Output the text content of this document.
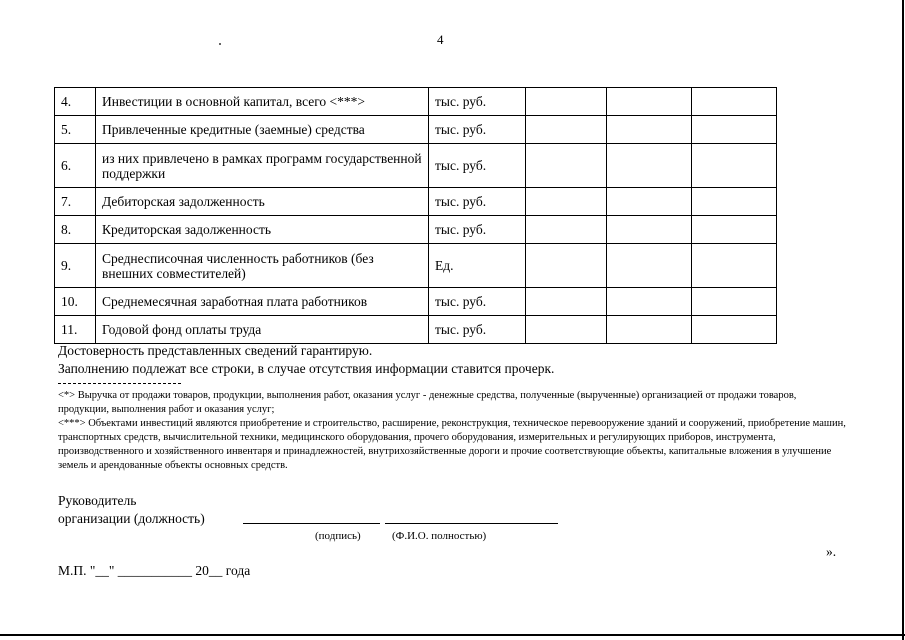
4
4.	Инвестиции в основной капитал, всего <***>	тыс. руб.			
5.	Привлеченные кредитные (заемные) средства	тыс. руб.			
6.	из них привлечено в рамках программ государственной поддержки	тыс. руб.			
7.	Дебиторская задолженность	тыс. руб.			
8.	Кредиторская задолженность	тыс. руб.			
9.	Среднесписочная численность работников (без внешних совместителей)	Ед.			
10.	Среднемесячная заработная плата работников	тыс. руб.			
11.	Годовой фонд оплаты труда	тыс. руб.			
Достоверность представленных сведений гарантирую.
Заполнению подлежат все строки, в случае отсутствия информации ставится прочерк.
<*> Выручка от продажи товаров, продукции, выполнения работ, оказания услуг - денежные средства, полученные (вырученные) организацией от продажи товаров, продукции, выполнения работ и оказания услуг;
<***> Объектами инвестиций являются приобретение и строительство, расширение, реконструкция, техническое перевооружение зданий и сооружений, приобретение машин, транспортных средств, вычислительной техники, медицинского оборудования, прочего оборудования, измерительных и регулирующих приборов, инструмента, производственного и хозяйственного инвентаря и принадлежностей, внутрихозяйственные дороги и прочие соответствующие объекты, капитальные вложения в улучшение земель и арендованные объекты основных средств.
Руководитель
организации (должность)
(подпись)	(Ф.И.О. полностью)
».
М.П. "__" ___________ 20__ года
